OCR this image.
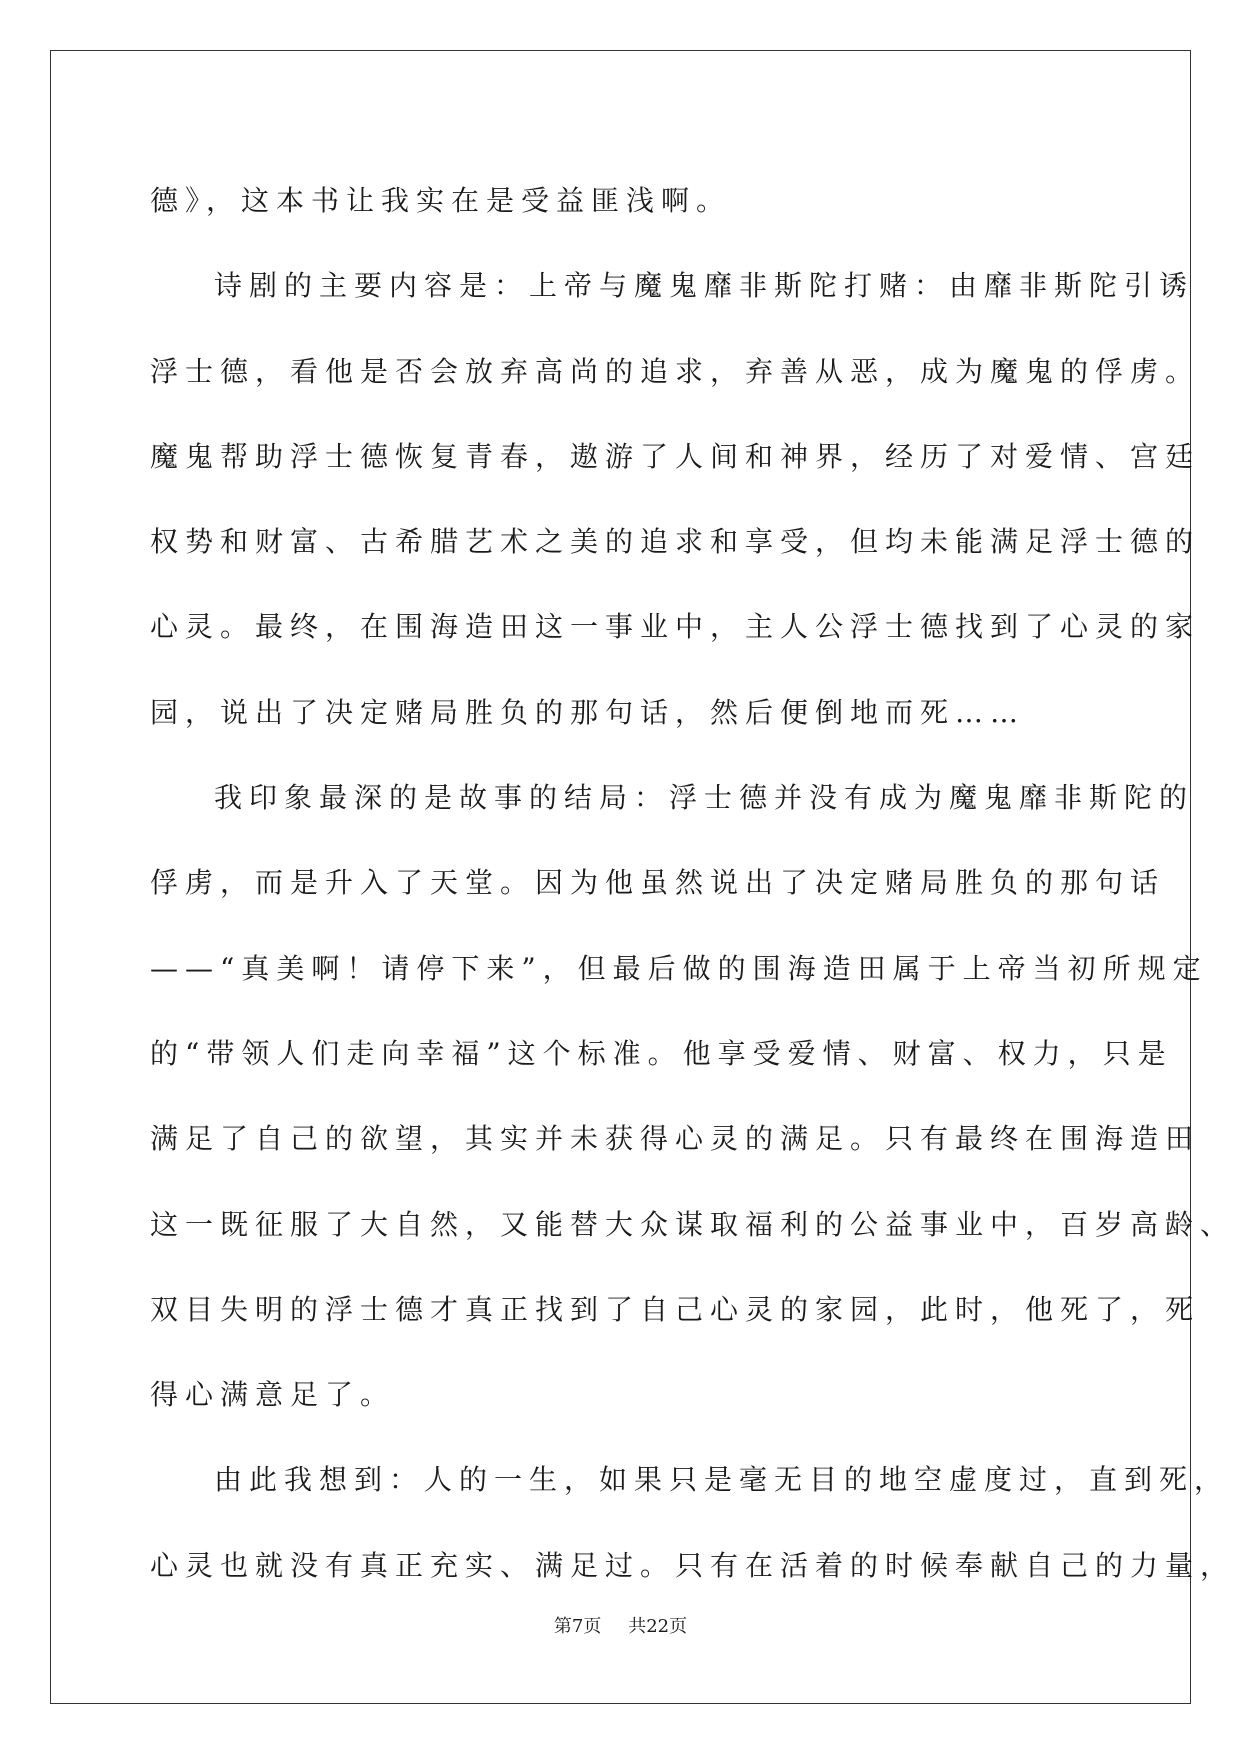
德》，这本书让我实在是受益匪浅啊。
诗剧的主要内容是：上帝与魔鬼靡非斯陀打赌：由靡非斯陀引诱
浮士德，看他是否会放弃高尚的追求，弃善从恶，成为魔鬼的俘虏。
魔鬼帮助浮士德恢复青春，遨游了人间和神界，经历了对爱情、宫廷
权势和财富、古希腊艺术之美的追求和享受，但均未能满足浮士德的
心灵。最终，在围海造田这一事业中，主人公浮士德找到了心灵的家
园，说出了决定赌局胜负的那句话，然后便倒地而死……
我印象最深的是故事的结局：浮士德并没有成为魔鬼靡非斯陀的
俘虏，而是升入了天堂。因为他虽然说出了决定赌局胜负的那句话
——“真美啊！请停下来”，但最后做的围海造田属于上帝当初所规定
的“带领人们走向幸福”这个标准。他享受爱情、财富、权力，只是
满足了自己的欲望，其实并未获得心灵的满足。只有最终在围海造田
这一既征服了大自然，又能替大众谋取福利的公益事业中，百岁高龄、
双目失明的浮士德才真正找到了自己心灵的家园，此时，他死了，死
得心满意足了。
由此我想到：人的一生，如果只是毫无目的地空虚度过，直到死，
心灵也就没有真正充实、满足过。只有在活着的时候奉献自己的力量，
第7页 共22页
